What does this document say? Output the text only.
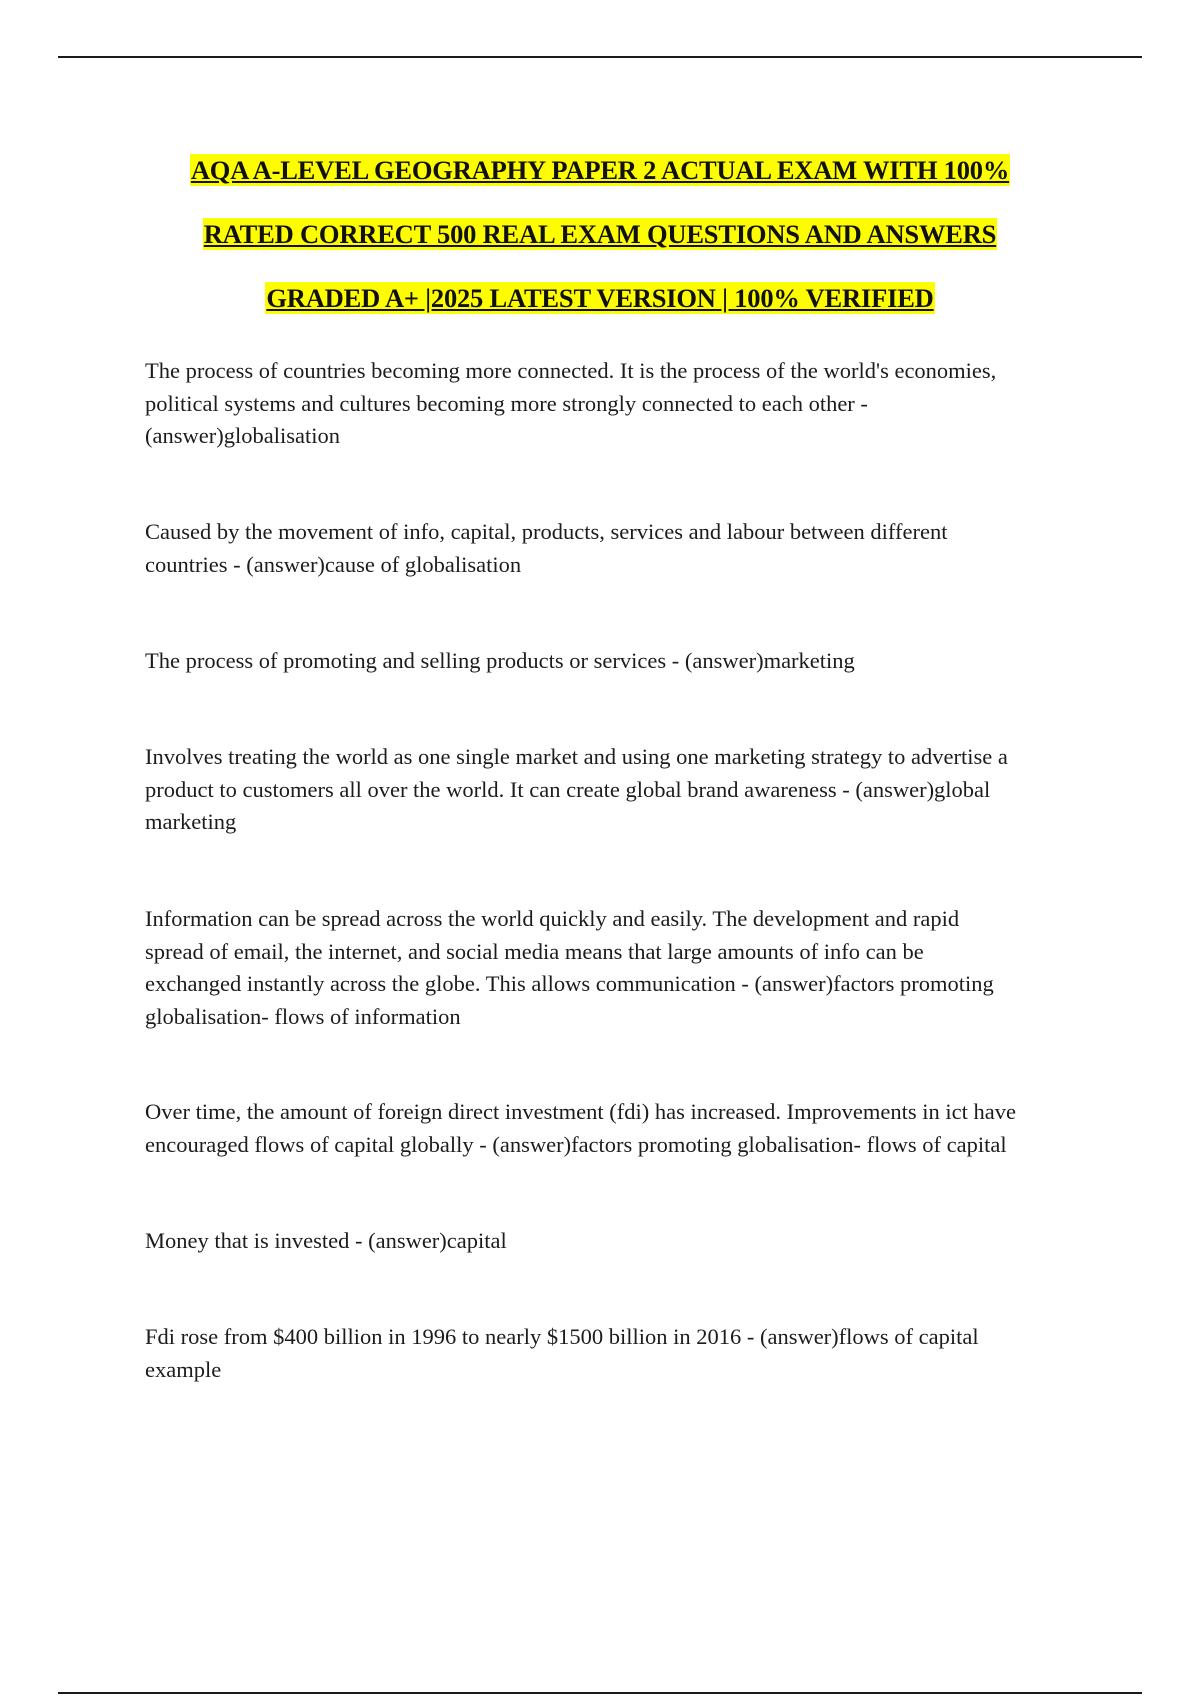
AQA A-LEVEL GEOGRAPHY PAPER 2 ACTUAL EXAM WITH 100%
RATED CORRECT 500 REAL EXAM QUESTIONS AND ANSWERS
GRADED A+ |2025 LATEST VERSION | 100% VERIFIED

The process of countries becoming more connected. It is the process of the world's economies,

political systems and cultures becoming more strongly connected to each other -

(answer)globalisation

Caused by the movement of info, capital, products, services and labour between different

countries - (answer)cause of globalisation

The process of promoting and selling products or services - (answer)marketing

Involves treating the world as one single market and using one marketing strategy to advertise a

product to customers all over the world. It can create global brand awareness - (answer)global

marketing

Information can be spread across the world quickly and easily. The development and rapid

spread of email, the internet, and social media means that large amounts of info can be

exchanged instantly across the globe. This allows communication - (answer)factors promoting

globalisation- flows of information

Over time, the amount of foreign direct investment (fdi) has increased. Improvements in ict have

encouraged flows of capital globally - (answer)factors promoting globalisation- flows of capital

Money that is invested - (answer)capital

Fdi rose from $400 billion in 1996 to nearly $1500 billion in 2016 - (answer)flows of capital

example
